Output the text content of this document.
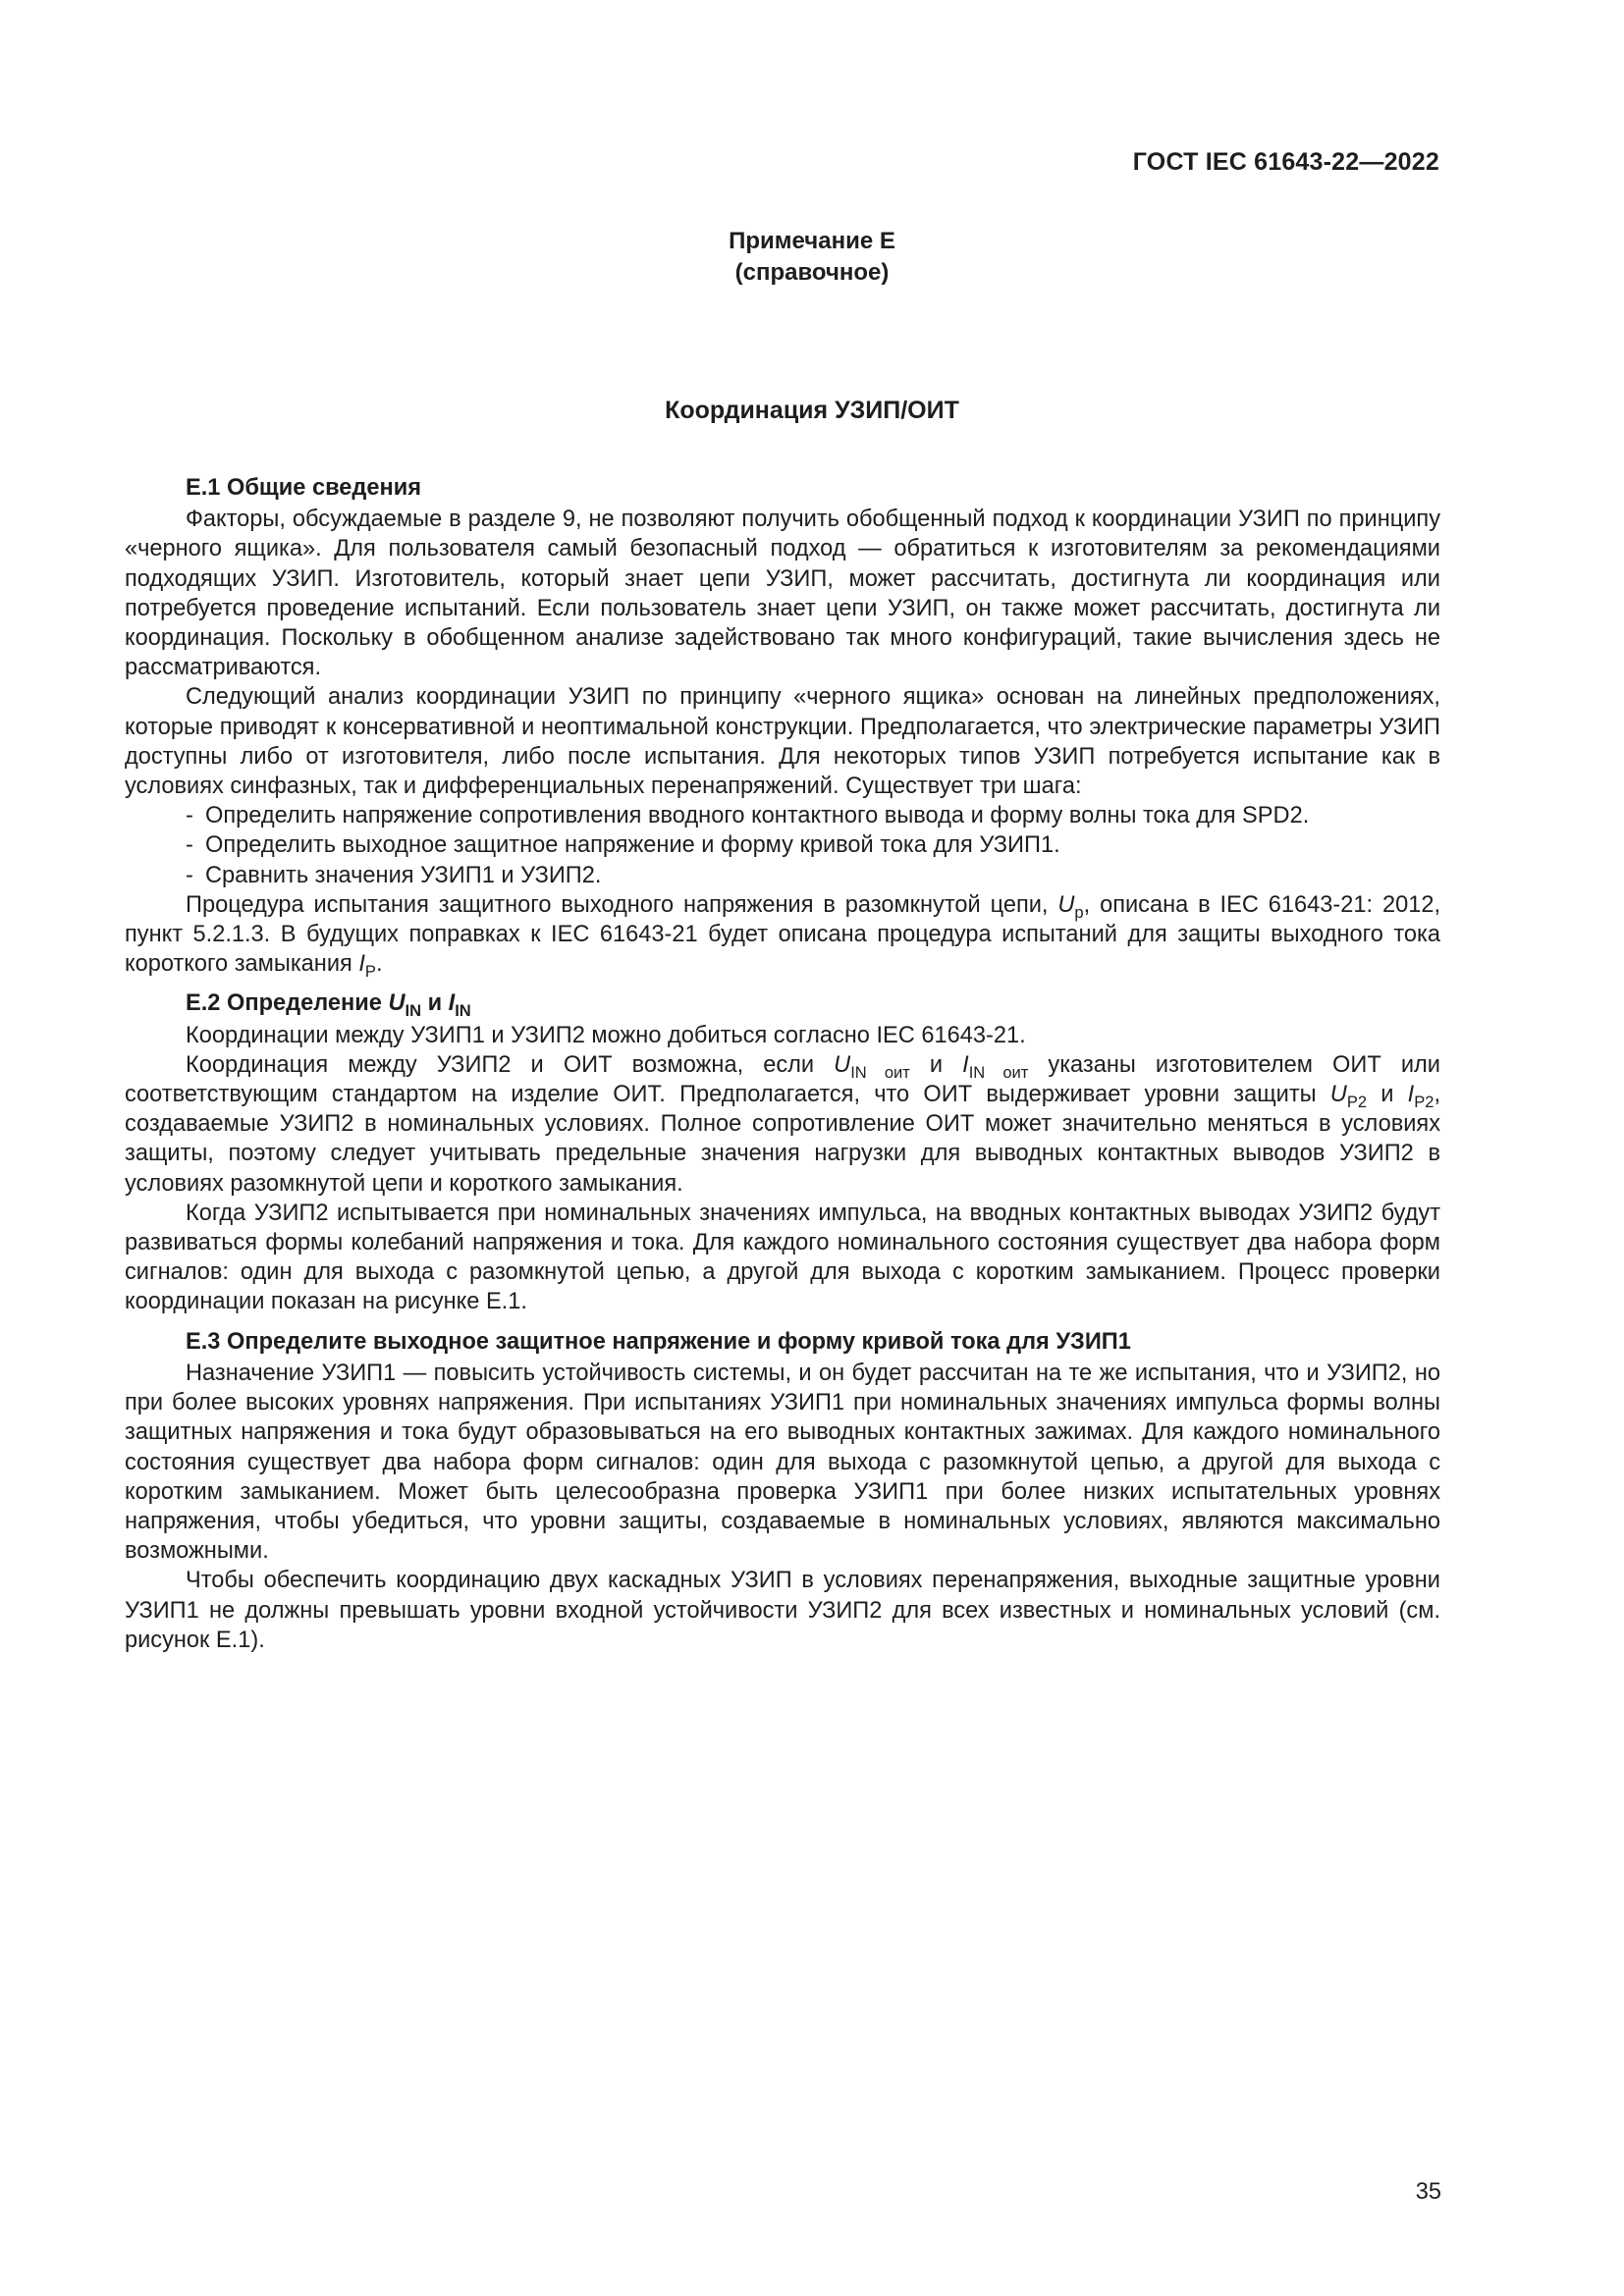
ГОСТ IEC 61643-22—2022
Примечание Е
(справочное)
Координация УЗИП/ОИТ
Е.1 Общие сведения

Факторы, обсуждаемые в разделе 9, не позволяют получить обобщенный подход к координации УЗИП по принципу «черного ящика». Для пользователя самый безопасный подход — обратиться к изготовителям за рекомендациями подходящих УЗИП. Изготовитель, который знает цепи УЗИП, может рассчитать, достигнута ли координация или потребуется проведение испытаний. Если пользователь знает цепи УЗИП, он также может рассчитать, достигнута ли координация. Поскольку в обобщенном анализе задействовано так много конфигураций, такие вычисления здесь не рассматриваются.

Следующий анализ координации УЗИП по принципу «черного ящика» основан на линейных предположениях, которые приводят к консервативной и неоптимальной конструкции. Предполагается, что электрические параметры УЗИП доступны либо от изготовителя, либо после испытания. Для некоторых типов УЗИП потребуется испытание как в условиях синфазных, так и дифференциальных перенапряжений. Существует три шага:

- Определить напряжение сопротивления вводного контактного вывода и форму волны тока для SPD2.
- Определить выходное защитное напряжение и форму кривой тока для УЗИП1.
- Сравнить значения УЗИП1 и УЗИП2.

Процедура испытания защитного выходного напряжения в разомкнутой цепи, $U_p$, описана в IEC 61643-21: 2012, пункт 5.2.1.3. В будущих поправках к IEC 61643-21 будет описана процедура испытаний для защиты выходного тока короткого замыкания $I_P$.

Е.2 Определение $U_{IN}$ и $I_{IN}$

Координации между УЗИП1 и УЗИП2 можно добиться согласно IEC 61643-21.

Координация между УЗИП2 и ОИТ возможна, если $U_{IN оит}$ и $I_{IN оит}$ указаны изготовителем ОИТ или соответствующим стандартом на изделие ОИТ. Предполагается, что ОИТ выдерживает уровни защиты $U_{P2}$ и $I_{P2}$, создаваемые УЗИП2 в номинальных условиях. Полное сопротивление ОИТ может значительно меняться в условиях защиты, поэтому следует учитывать предельные значения нагрузки для выводных контактных выводов УЗИП2 в условиях разомкнутой цепи и короткого замыкания.

Когда УЗИП2 испытывается при номинальных значениях импульса, на вводных контактных выводах УЗИП2 будут развиваться формы колебаний напряжения и тока. Для каждого номинального состояния существует два набора форм сигналов: один для выхода с разомкнутой цепью, а другой для выхода с коротким замыканием. Процесс проверки координации показан на рисунке Е.1.

Е.3 Определите выходное защитное напряжение и форму кривой тока для УЗИП1

Назначение УЗИП1 — повысить устойчивость системы, и он будет рассчитан на те же испытания, что и УЗИП2, но при более высоких уровнях напряжения. При испытаниях УЗИП1 при номинальных значениях импульса формы волны защитных напряжения и тока будут образовываться на его выводных контактных зажимах. Для каждого номинального состояния существует два набора форм сигналов: один для выхода с разомкнутой цепью, а другой для выхода с коротким замыканием. Может быть целесообразна проверка УЗИП1 при более низких испытательных уровнях напряжения, чтобы убедиться, что уровни защиты, создаваемые в номинальных условиях, являются максимально возможными.

Чтобы обеспечить координацию двух каскадных УЗИП в условиях перенапряжения, выходные защитные уровни УЗИП1 не должны превышать уровни входной устойчивости УЗИП2 для всех известных и номинальных условий (см. рисунок Е.1).

35
